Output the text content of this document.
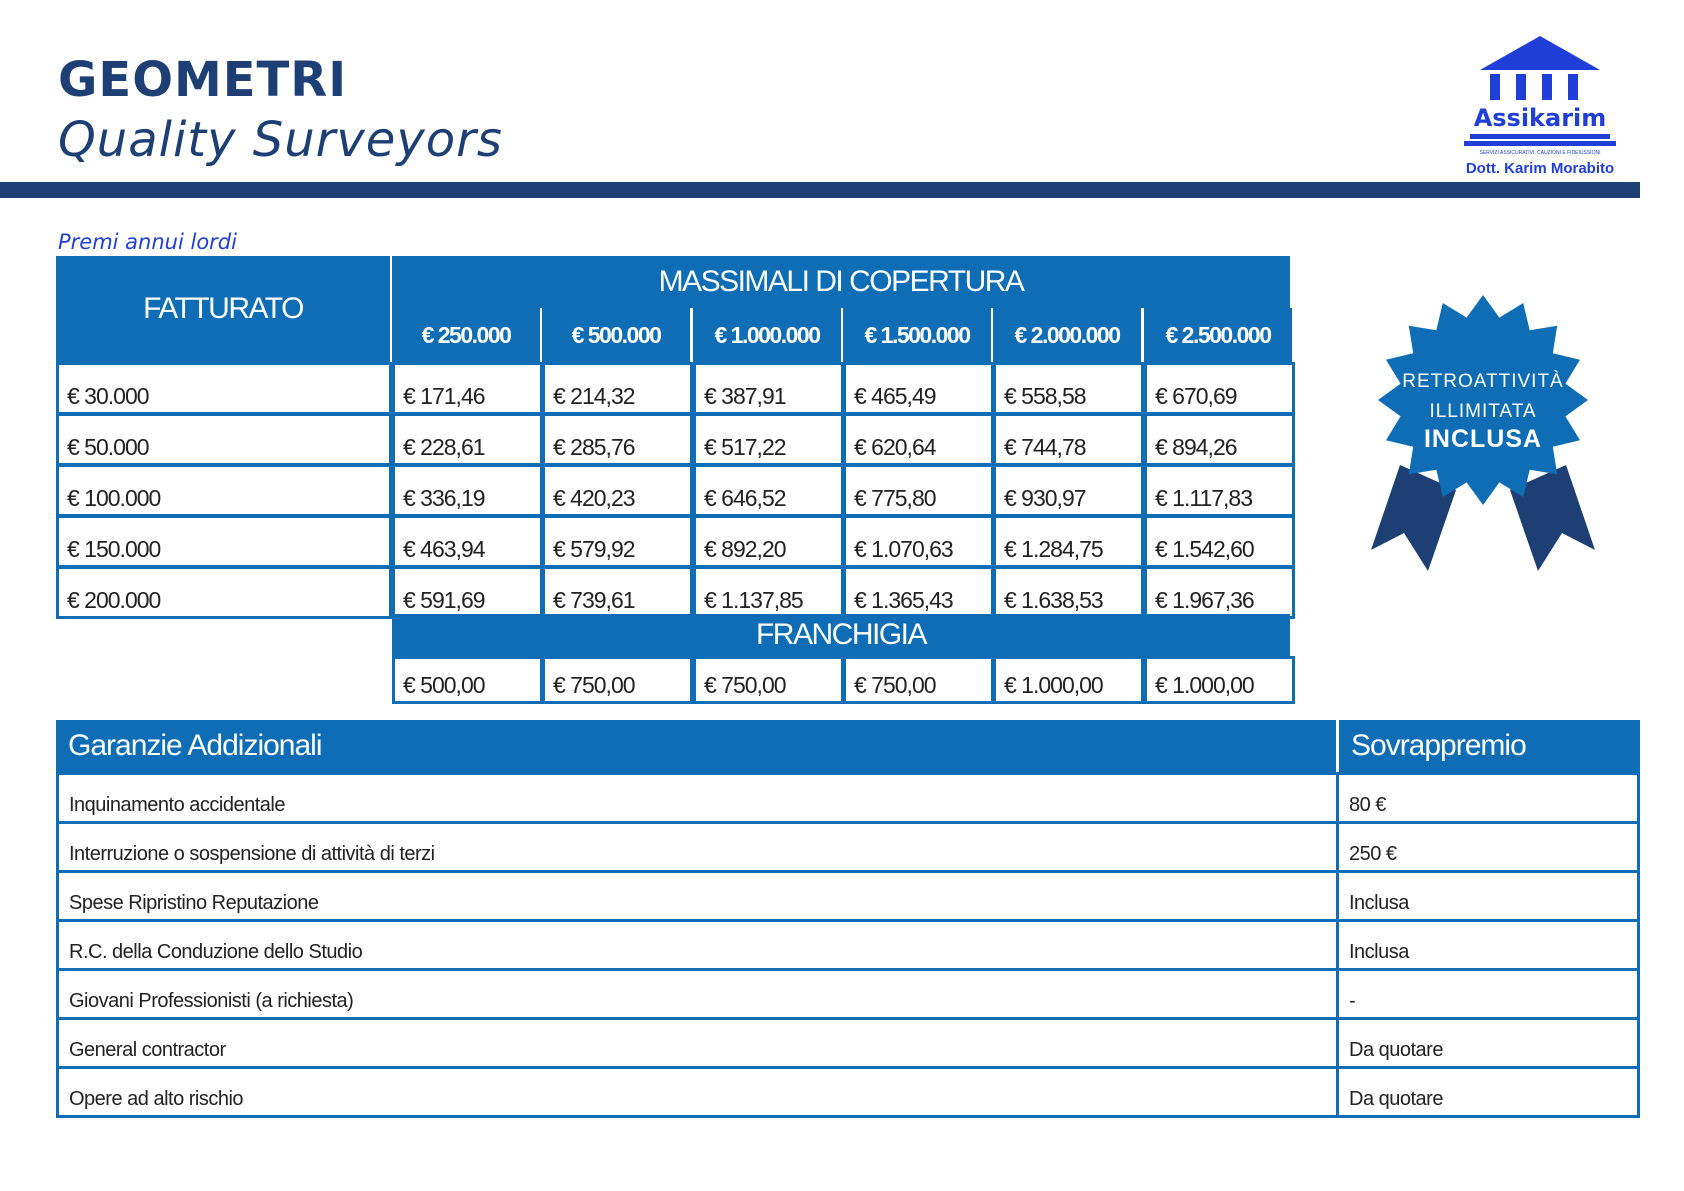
GEOMETRI
Quality Surveyors	Assikarim
SERVIZI ASSICURATIVI, CAUZIONI E FIDEIUSSIONI
Dott. Karim Morabito
Premi annui lordi
FATTURATO
MASSIMALI DI COPERTURA
€ 250.000	€ 500.000	€ 1.000.000	€ 1.500.000	€ 2.000.000	€ 2.500.000
€ 30.000	€ 171,46	€ 214,32	€ 387,91	€ 465,49	€ 558,58	€ 670,69
€ 50.000	€ 228,61	€ 285,76	€ 517,22	€ 620,64	€ 744,78	€ 894,26
€ 100.000	€ 336,19	€ 420,23	€ 646,52	€ 775,80	€ 930,97	€ 1.117,83
€ 150.000	€ 463,94	€ 579,92	€ 892,20	€ 1.070,63	€ 1.284,75	€ 1.542,60
€ 200.000	€ 591,69	€ 739,61	€ 1.137,85	€ 1.365,43	€ 1.638,53	€ 1.967,36
FRANCHIGIA
€ 500,00	€ 750,00	€ 750,00	€ 750,00	€ 1.000,00	€ 1.000,00
RETROATTIVITÀ
ILLIMITATA
INCLUSA
Garanzie Addizionali	Sovrappremio
Inquinamento accidentale	80 €
Interruzione o sospensione di attività di terzi	250 €
Spese Ripristino Reputazione	Inclusa
R.C. della Conduzione dello Studio	Inclusa
Giovani Professionisti (a richiesta)	-
General contractor	Da quotare
Opere ad alto rischio	Da quotare
